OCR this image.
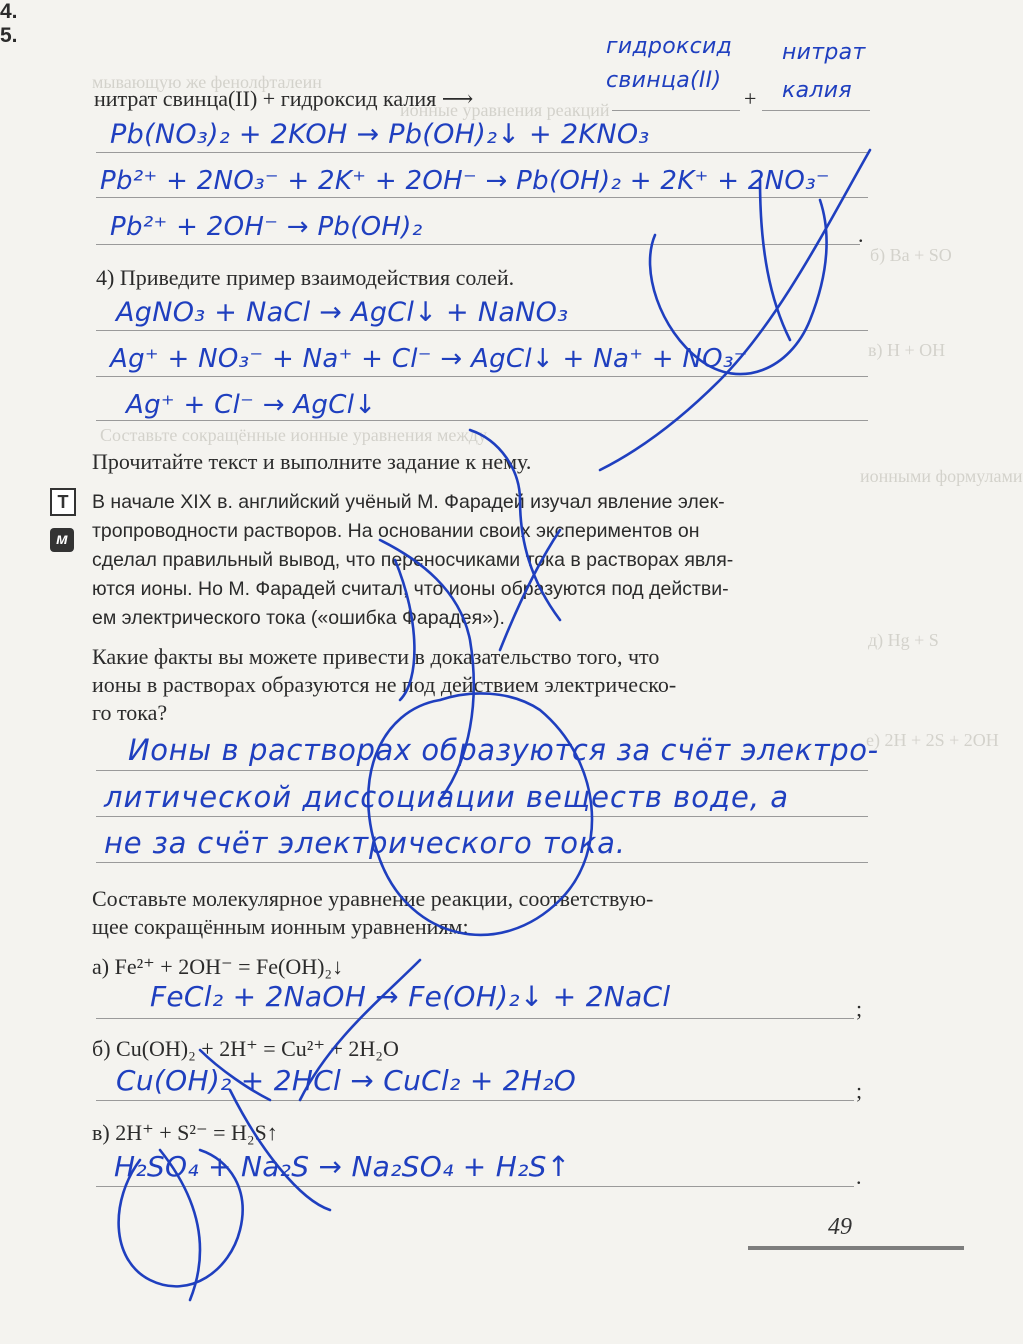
мывающую же фенолфталеин
ионные уравнения реакций
б) Ba + SO
в) H + OH
Составьте сокращённые ионные уравнения между
ионными формулами
д) Hg + S
е) 2H + 2S + 2OH
нитрат свинца(II) + гидроксид калия ⟶	+
гидроксид свинца(II)
нитрат калия
.
Pb(NO₃)₂ + 2KOH → Pb(OH)₂↓ + 2KNO₃
Pb²⁺ + 2NO₃⁻ + 2K⁺ + 2OH⁻ → Pb(OH)₂ + 2K⁺ + 2NO₃⁻
Pb²⁺ + 2OH⁻ → Pb(OH)₂
4) Приведите пример взаимодействия солей.
AgNO₃ + NaCl → AgCl↓ + NaNO₃
Ag⁺ + NO₃⁻ + Na⁺ + Cl⁻ → AgCl↓ + Na⁺ + NO₃⁻
Ag⁺ + Cl⁻ → AgCl↓
4.
Прочитайте текст и выполните задание к нему.
T
м
В начале XIX в. английский учёный М. Фарадей изучал явление элек-
тропроводности растворов. На основании своих экспериментов он
сделал правильный вывод, что переносчиками тока в растворах явля-
ются ионы. Но М. Фарадей считал, что ионы образуются под действи-
ем электрического тока («ошибка Фарадея»).
Какие факты вы можете привести в доказательство того, что
ионы в растворах образуются не под действием электрическо-
го тока?
Ионы в растворах образуются за счёт электро-
литической диссоциации веществ воде, а
не за счёт электрического тока.
5.
Составьте молекулярное уравнение реакции, соответствую-
щее сокращённым ионным уравнениям:
а) Fe²⁺ + 2OH⁻ = Fe(OH)₂↓
;
FeCl₂ + 2NaOH → Fe(OH)₂↓ + 2NaCl
б) Cu(OH)₂ + 2H⁺ = Cu²⁺ + 2H₂O
;
Cu(OH)₂ + 2HCl → CuCl₂ + 2H₂O
в) 2H⁺ + S²⁻ = H₂S↑
.
H₂SO₄ + Na₂S → Na₂SO₄ + H₂S↑
49
